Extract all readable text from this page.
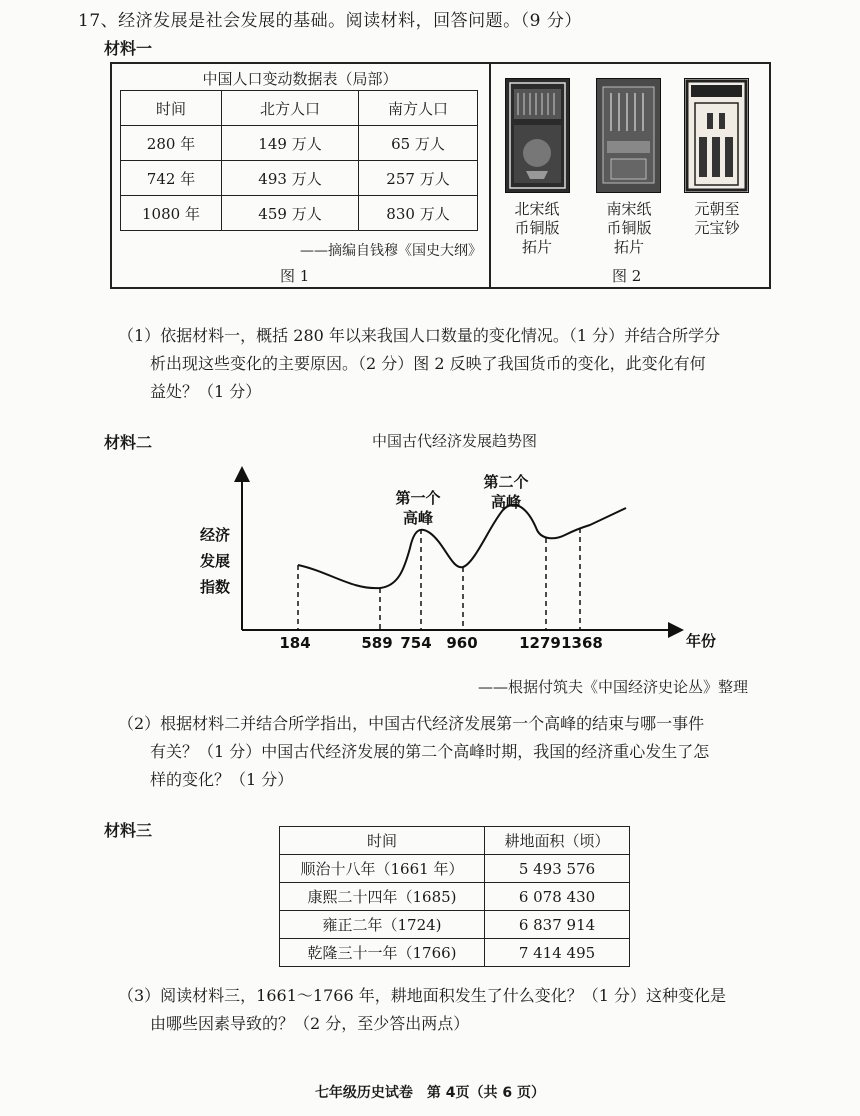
17、经济发展是社会发展的基础。阅读材料，回答问题。（9 分）
材料一
中国人口变动数据表（局部）
时间	北方人口	南方人口
280 年	149 万人	65 万人
742 年	493 万人	257 万人
1080 年	459 万人	830 万人
——摘编自钱穆《国史大纲》
图 1
北宋纸
币铜版
拓片
南宋纸
币铜版
拓片
元朝至
元宝钞
图 2
（1）依据材料一，概括 280 年以来我国人口数量的变化情况。（1 分）并结合所学分
析出现这些变化的主要原因。（2 分）图 2 反映了我国货币的变化，此变化有何
益处？（1 分）
材料二	中国古代经济发展趋势图
184	589 754 960	1279 1368	年份
经济
发展
指数
第一个
高峰
第二个
高峰
——根据付筑夫《中国经济史论丛》整理
（2）根据材料二并结合所学指出，中国古代经济发展第一个高峰的结束与哪一事件
有关？（1 分）中国古代经济发展的第二个高峰时期，我国的经济重心发生了怎
样的变化？（1 分）
材料三
时间	耕地面积（顷）
顺治十八年（1661 年）	5 493 576
康熙二十四年（1685)	6 078 430
雍正二年（1724)	6 837 914
乾隆三十一年（1766)	7 414 495
（3）阅读材料三，1661～1766 年，耕地面积发生了什么变化？（1 分）这种变化是
由哪些因素导致的？（2 分，至少答出两点）
七年级历史试卷　第 4页（共 6 页）
